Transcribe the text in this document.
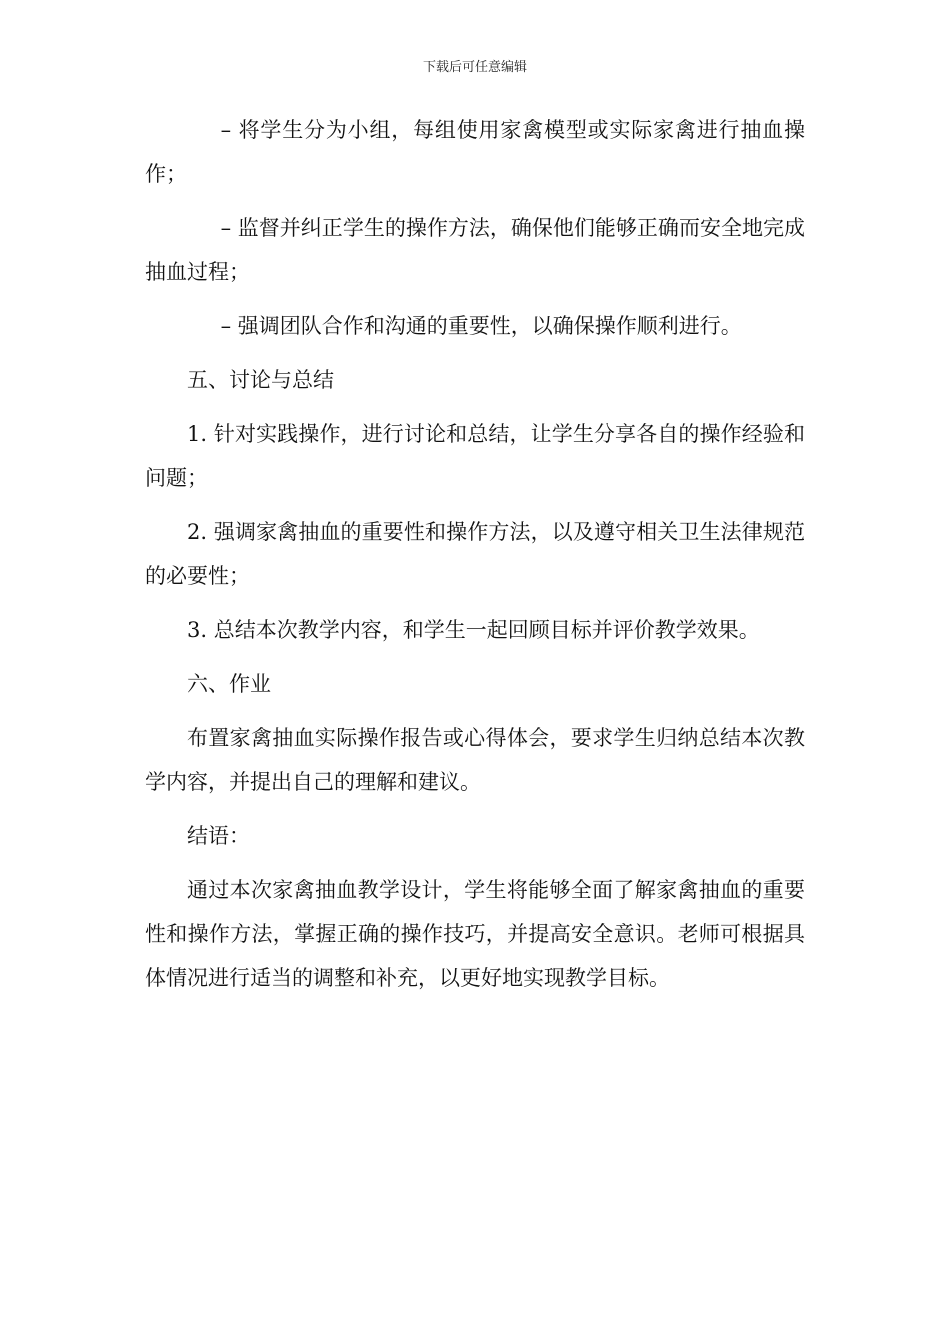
下载后可任意编辑

– 将学生分为小组，每组使用家禽模型或实际家禽进行抽血操作；

– 监督并纠正学生的操作方法，确保他们能够正确而安全地完成抽血过程；

– 强调团队合作和沟通的重要性，以确保操作顺利进行。

五、讨论与总结

1. 针对实践操作，进行讨论和总结，让学生分享各自的操作经验和问题；

2. 强调家禽抽血的重要性和操作方法，以及遵守相关卫生法律规范的必要性；

3. 总结本次教学内容，和学生一起回顾目标并评价教学效果。

六、作业

布置家禽抽血实际操作报告或心得体会，要求学生归纳总结本次教学内容，并提出自己的理解和建议。

结语：

通过本次家禽抽血教学设计，学生将能够全面了解家禽抽血的重要性和操作方法，掌握正确的操作技巧，并提高安全意识。老师可根据具体情况进行适当的调整和补充，以更好地实现教学目标。
